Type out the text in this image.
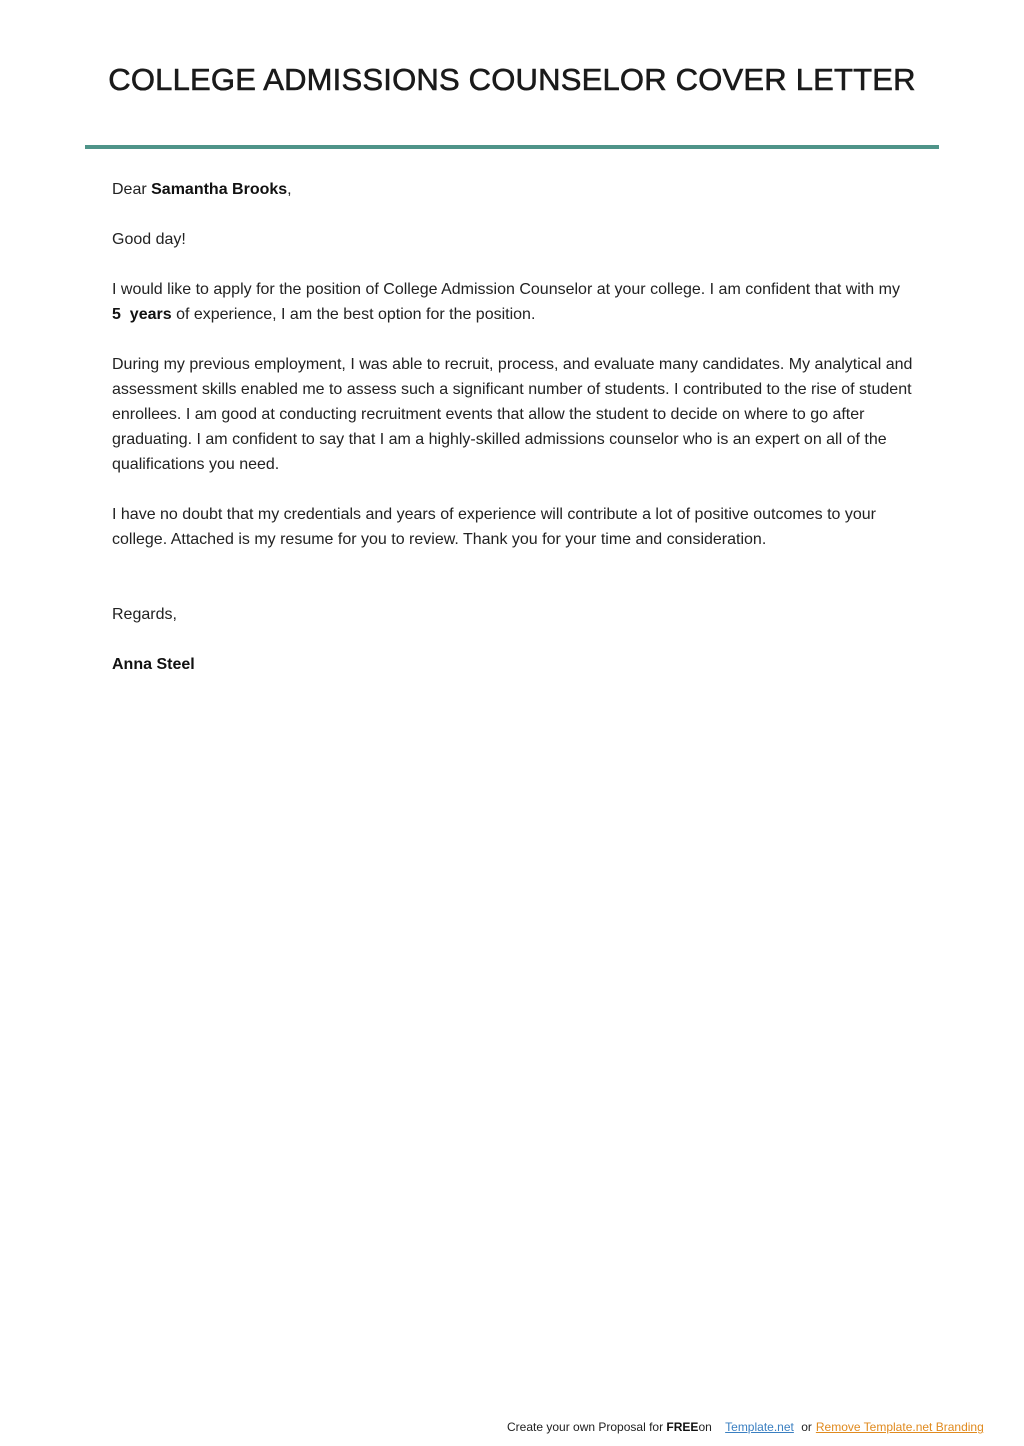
COLLEGE ADMISSIONS COUNSELOR COVER LETTER

Dear Samantha Brooks,

Good day!

I would like to apply for the position of College Admission Counselor at your college. I am confident that with my 5 years of experience, I am the best option for the position.

During my previous employment, I was able to recruit, process, and evaluate many candidates. My analytical and assessment skills enabled me to assess such a significant number of students. I contributed to the rise of student enrollees. I am good at conducting recruitment events that allow the student to decide on where to go after graduating. I am confident to say that I am a highly-skilled admissions counselor who is an expert on all of the qualifications you need.

I have no doubt that my credentials and years of experience will contribute a lot of positive outcomes to your college. Attached is my resume for you to review. Thank you for your time and consideration.

Regards,

Anna Steel

Create your own Proposal for FREEon Template.net or Remove Template.net Branding
